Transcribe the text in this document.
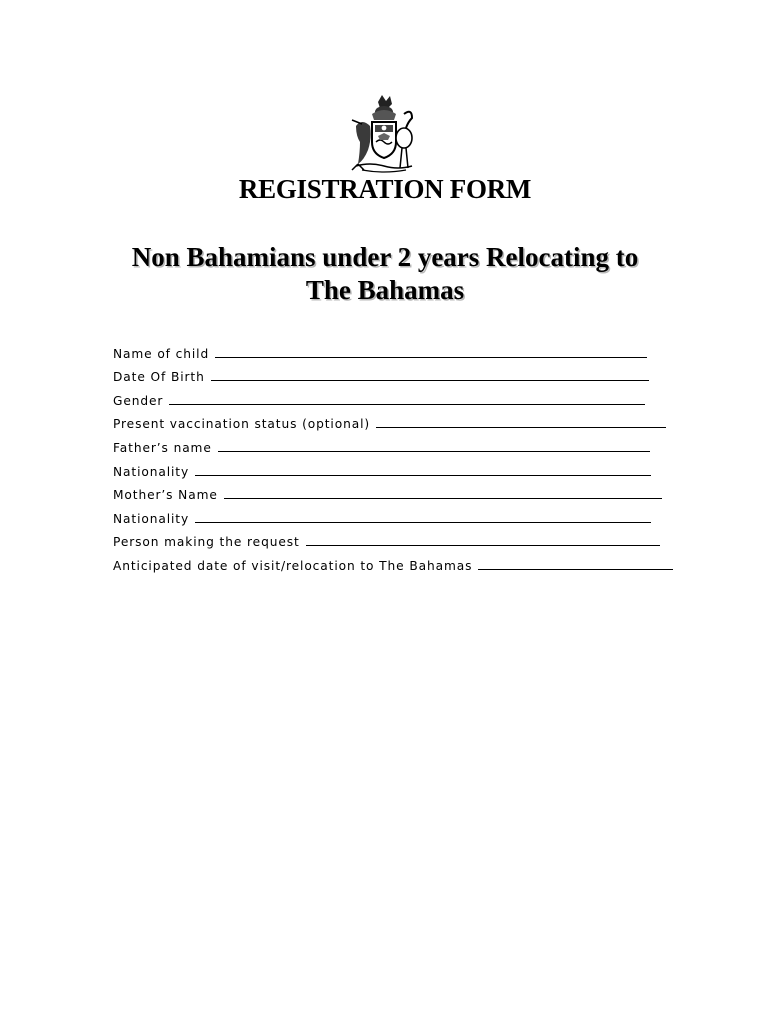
REGISTRATION FORM
Non Bahamians under 2 years Relocating to
The Bahamas
Name of child
Date Of Birth
Gender
Present vaccination status (optional)
Father’s name
Nationality
Mother’s Name
Nationality
Person making the request
Anticipated date of visit/relocation to The Bahamas
